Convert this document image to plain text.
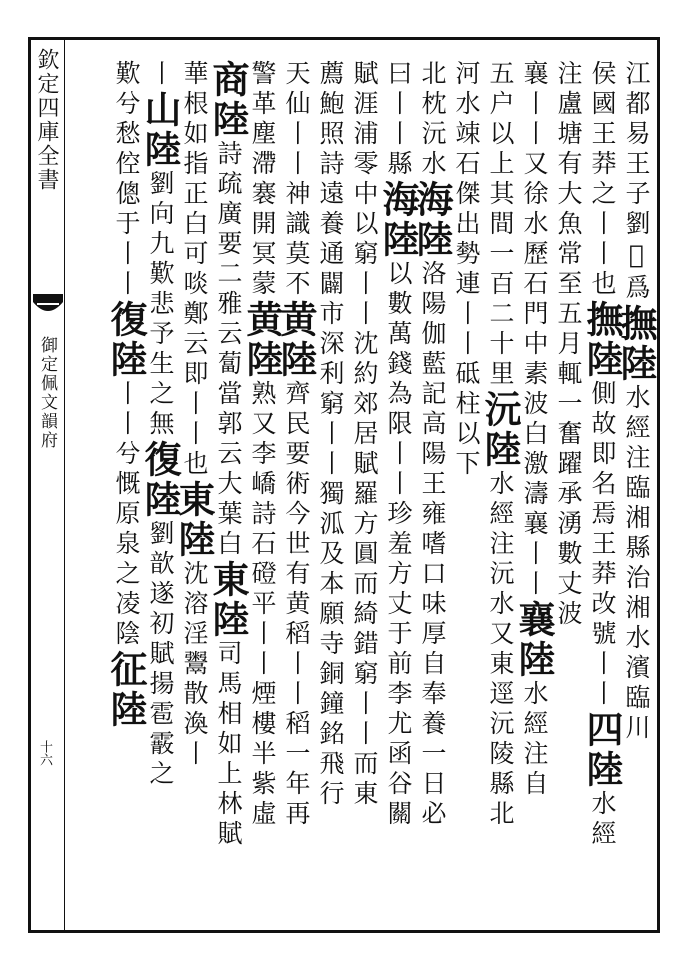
欽定四庫全書
御定佩文韻府
十六
江都易王子劉𥨸爲撫陸水經注臨湘縣治湘水濱臨川
侯國王莽之丨丨也撫陸側故即名焉王莽改號丨丨四陸水經
注盧塘有大魚常至五月輒一奮躍承湧數丈波
襄丨丨又徐水歷石門中素波白激濤襄丨丨襄陸水經注自
五户以上其間一百二十里沅陸水經注沅水又東逕沅陵縣北
河水竦石傑出勢連丨丨砥柱以下
北枕沅水海陸洛陽伽藍記高陽王雍嗜口味厚自奉養一日必
曰丨丨縣海陸以數萬錢為限丨丨珍羞方丈于前李尤函谷關
賦涯浦零中以窮丨丨沈約郊居賦羅方圓而綺錯窮丨丨而東
薦鮑照詩遠養通闢市深利窮丨丨獨泒及本願寺銅鐘銘飛行
天仙丨丨神識莫不黄陸齊民要術今世有黄稻丨丨稻一年再
警革塵滯褰開冥蒙黄陸熟又李嶠詩石磴平丨丨煙樓半紫虛
商陸詩疏廣要二雅云蔔當郭云大葉白東陸司馬相如上林賦
華根如指正白可啖鄭云即丨丨也東陸沈溶淫鬻散渙丨
丨山陸劉向九歎悲予生之無復陸劉歆遂初賦揚雹霰之
歎兮愁倥傯于丨丨復陸丨丨兮慨原泉之凌陰征陸
